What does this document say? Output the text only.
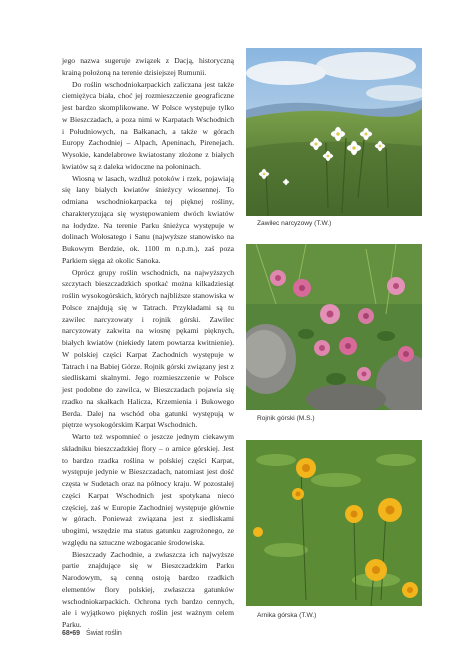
jego nazwa sugeruje związek z Dacją, historyczną krainą położoną na terenie dzisiejszej Rumunii.

Do roślin wschodniokarpackich zaliczana jest także ciemiężyca biała, choć jej rozmieszczenie geograficzne jest bardzo skomplikowane. W Polsce występuje tylko w Bieszczadach, a poza nimi w Karpatach Wschodnich i Południowych, na Bałkanach, a także w górach Europy Zachodniej – Alpach, Apeninach, Pirenejach. Wysokie, kandelabrowe kwiatostany złożone z białych kwiatów są z daleka widoczne na połoninach.

Wiosną w lasach, wzdłuż potoków i rzek, pojawiają się łany białych kwiatów śnieżycy wiosennej. To odmiana wschodniokarpacka tej pięknej rośliny, charakteryzująca się występowaniem dwóch kwiatów na łodydze. Na terenie Parku śnieżyca występuje w dolinach Wołosatego i Sanu (najwyższe stanowisko na Bukowym Berdzie, ok. 1100 m n.p.m.), zaś poza Parkiem sięga aż okolic Sanoka.

Oprócz grupy roślin wschodnich, na najwyższych szczytach bieszczadzkich spotkać można kilkadziesiąt roślin wysokogórskich, których najbliższe stanowiska w Polsce znajdują się w Tatrach. Przykładami są tu zawilec narcyzowaty i rojnik górski. Zawilec narcyzowaty zakwita na wiosnę pękami pięknych, białych kwiatów (niekiedy latem powtarza kwitnienie). W polskiej części Karpat Zachodnich występuje w Tatrach i na Babiej Górze. Rojnik górski związany jest z siedliskami skalnymi. Jego rozmieszczenie w Polsce jest podobne do zawilca, w Bieszczadach pojawia się rzadko na skałkach Halicza, Krzemienia i Bukowego Berda. Dalej na wschód oba gatunki występują w piętrze wysokogórskim Karpat Wschodnich.

Warto też wspomnieć o jeszcze jednym ciekawym składniku bieszczadzkiej flory – o arnice górskiej. Jest to bardzo rzadka roślina w polskiej części Karpat, występuje jedynie w Bieszczadach, natomiast jest dość częsta w Sudetach oraz na północy kraju. W pozostałej części Karpat Wschodnich jest spotykana nieco częściej, zaś w Europie Zachodniej występuje głównie w górach. Ponieważ związana jest z siedliskami ubogimi, wszędzie ma status gatunku zagrożonego, ze względu na sztuczne wzbogacanie środowiska.

Bieszczady Zachodnie, a zwłaszcza ich najwyższe partie znajdujące się w Bieszczadzkim Parku Narodowym, są cenną ostoją bardzo rzadkich elementów flory polskiej, zwłaszcza gatunków wschodniokarpackich. Ochrona tych bardzo cennych, ale i wyjątkowo pięknych roślin jest ważnym celem Parku.

Zawilec narcyzowy (T.W.)
Rojnik górski (M.S.)
Arnika górska (T.W.)
68•69 Świat roślin
